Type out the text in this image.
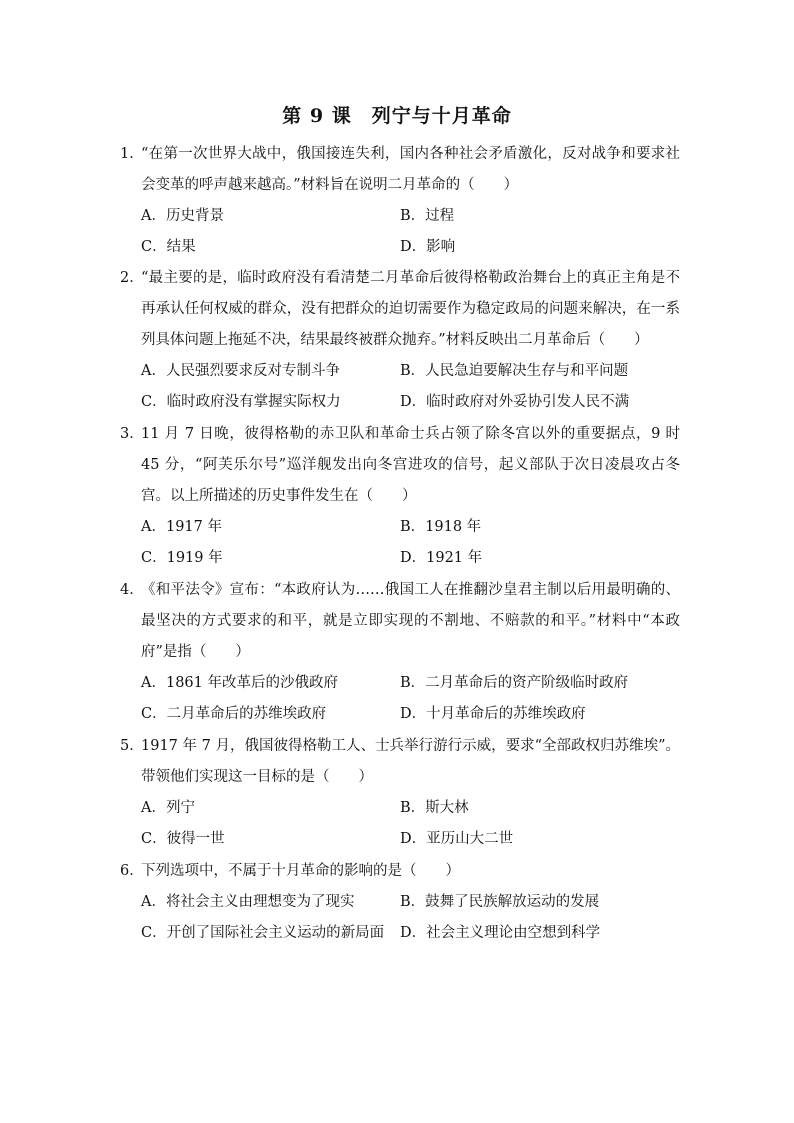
第 9 课　列宁与十月革命
1．
“在第一次世界大战中，俄国接连失利，国内各种社会矛盾激化，反对战争和要求社会变革的呼声越来越高。”材料旨在说明二月革命的（　　）
A．历史背景	B．过程
C．结果	D．影响
2．
“最主要的是，临时政府没有看清楚二月革命后彼得格勒政治舞台上的真正主角是不再承认任何权威的群众，没有把群众的迫切需要作为稳定政局的问题来解决，在一系列具体问题上拖延不决，结果最终被群众抛弃。”材料反映出二月革命后（　　）
A．人民强烈要求反对专制斗争	B．人民急迫要解决生存与和平问题
C．临时政府没有掌握实际权力	D．临时政府对外妥协引发人民不满
3．
11 月 7 日晚，彼得格勒的赤卫队和革命士兵占领了除冬宫以外的重要据点，9 时 45 分，“阿芙乐尔号”巡洋舰发出向冬宫进攻的信号，起义部队于次日凌晨攻占冬宫。以上所描述的历史事件发生在（　　）
A．1917 年	B．1918 年
C．1919 年	D．1921 年
4．
《和平法令》宣布：“本政府认为……俄国工人在推翻沙皇君主制以后用最明确的、最坚决的方式要求的和平，就是立即实现的不割地、不赔款的和平。”材料中“本政府”是指（　　）
A．1861 年改革后的沙俄政府	B．二月革命后的资产阶级临时政府
C．二月革命后的苏维埃政府	D．十月革命后的苏维埃政府
5．
1917 年 7 月，俄国彼得格勒工人、士兵举行游行示威，要求“全部政权归苏维埃”。带领他们实现这一目标的是（　　）
A．列宁	B．斯大林
C．彼得一世	D．亚历山大二世
6．
下列选项中，不属于十月革命的影响的是（　　）
A．将社会主义由理想变为了现实	B．鼓舞了民族解放运动的发展
C．开创了国际社会主义运动的新局面	D．社会主义理论由空想到科学
